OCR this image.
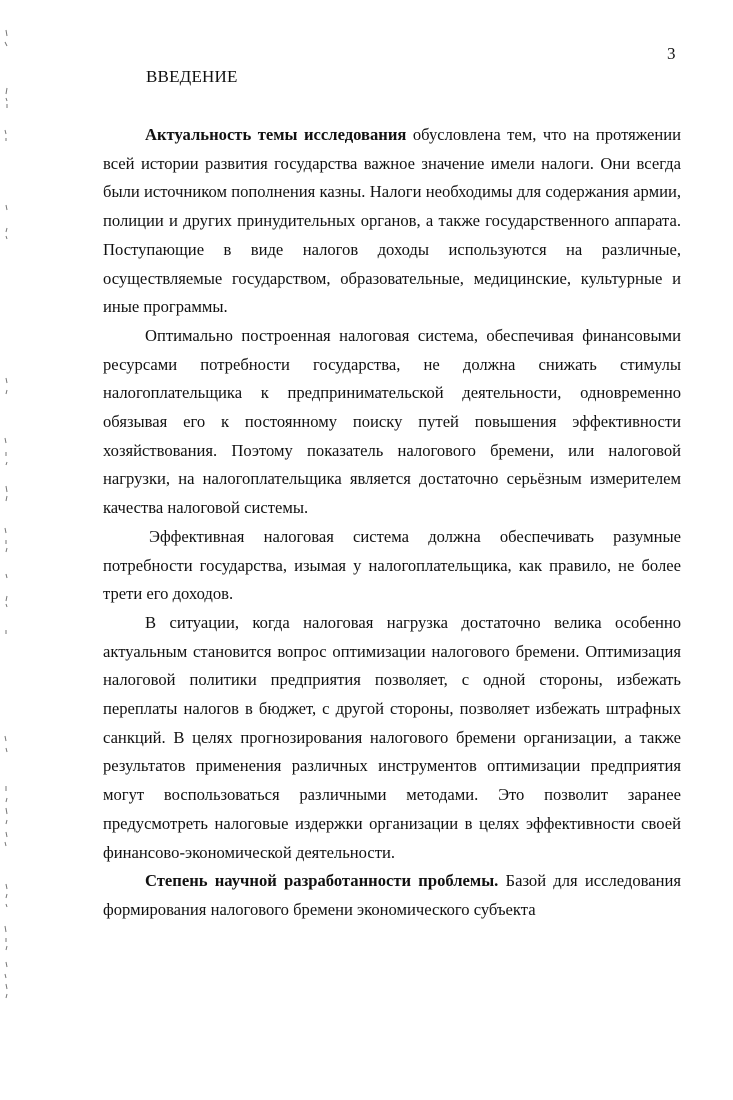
3
ВВЕДЕНИЕ

Актуальность темы исследования обусловлена тем, что на протяжении всей истории развития государства важное значение имели налоги. Они всегда были источником пополнения казны. Налоги необходимы для содержания армии, полиции и других принудительных органов, а также государственного аппарата. Поступающие в виде налогов доходы используются на различные, осуществляемые государством, образовательные, медицинские, культурные и иные программы.

Оптимально построенная налоговая система, обеспечивая финансовыми ресурсами потребности государства, не должна снижать стимулы налогоплательщика к предпринимательской деятельности, одновременно обязывая его к постоянному поиску путей повышения эффективности хозяйствования. Поэтому показатель налогового бремени, или налоговой нагрузки, на налогоплательщика является достаточно серьёзным измерителем качества налоговой системы.

Эффективная налоговая система должна обеспечивать разумные потребности государства, изымая у налогоплательщика, как правило, не более трети его доходов.

В ситуации, когда налоговая нагрузка достаточно велика особенно актуальным становится вопрос оптимизации налогового бремени. Оптимизация налоговой политики предприятия позволяет, с одной стороны, избежать переплаты налогов в бюджет, с другой стороны, позволяет избежать штрафных санкций. В целях прогнозирования налогового бремени организации, а также результатов применения различных инструментов оптимизации предприятия могут воспользоваться различными методами. Это позволит заранее предусмотреть налоговые издержки организации в целях эффективности своей финансово-экономической деятельности.

Степень научной разработанности проблемы. Базой для исследования формирования налогового бремени экономического субъекта
